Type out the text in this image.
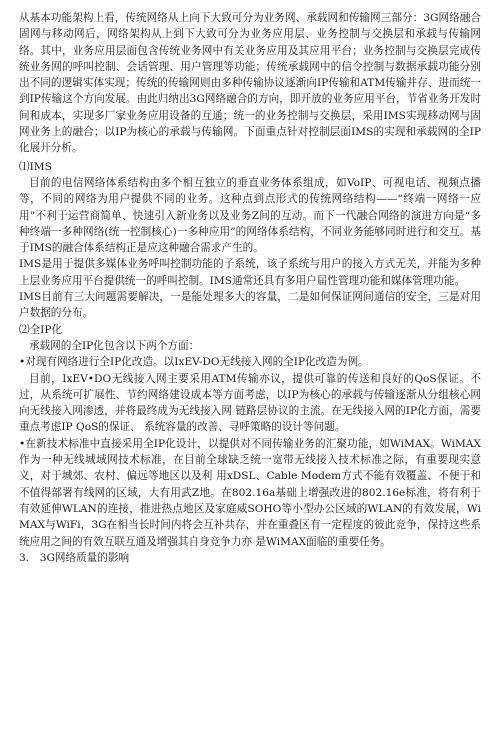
从基本功能架构上看，传统网络从上向下大致可分为业务网、承载网和传输网三部分：3G网络融合固网与移动网后，网络架构从上到下大致可分为业务应用层、业务控制与交换层和承载与传输网络。其中，业务应用层面包含传统业务网中有关业务应用及其应用平台；业务控制与交换层完成传统业务网的呼叫控制、会话管理、用户管理等功能；传统承载网中的信令控制与数据承载功能分别出不同的逻辑实体实现；传统的传输网则由多种传输协议逐渐向IP传输和ATM传输并存、进而统一到IP传输这个方向发展。由此归纳出3G网络融合的方向，即开放的业务应用平台，节省业务开发时间和成本，实现多厂家业务应用设备的互通；统一的业务控制与交换层，采用IMS实现移动网与固网业务上的融合；以IP为核心的承载与传输网。下面重点针对控制层面IMS的实现和承载网的全IP化展开分析。

⑴IMS

目前的电信网络体系结构由多个相互独立的垂直业务体系组成，如VoIP、可视电话、视频点播等，不同的网络为用户提供不同的业务。这种点到点形式的传统网络结构——“终端一网络一应用”不利于运营商简单、快速引入新业务以及业务Z间的互动。而下一代融合网络的演进方向是“多种终端一多种网络(统一控制核心)一多种应用”的网络体系结构，不同业务能够同时进行和交互。基于IMS的融合体系结构正是应这种融合需求产生的。

IMS是用于提供多媒体业务呼叫控制功能的子系统，该子系统与用户的接入方式无关，并能为多种上层业务应用平台提供统一的呼叫控制。IMS通常还具有多用户届性管理功能和媒体管理功能。

IMS目前有三大问题需要解决，一是能处理多大的容量，二是如何保证网间通信的安全，三是对用户数据的分布。

⑵全IP化

承载网的全IP化包含以下两个方面：

•对现有网络进行全IP化改造。以IxEV-DO无线接入网的全IP化改造为例。

目前，IxEV•DO无线接入网主要采用ATM传输亦议，提供可靠的传送和良好的QoS保证。不过，从系统可扩展性、节约网络建设成本等方面考虑，以IP为核心的承载与传输逐渐从分组核心网向无线接入网渗透，并将最终成为无线接入网 链路层协议的主流。在无线接入网的IP化方面，需要重点考虑IP QoS的保证、 系统容量的改善、寻呼策略的设计等问题。

•在新技术标准中直接采用全IP化设计，以提供对不同传输业务的汇聚功能，如WiMAX。WiMAX作为一种无线城域网技术标准，在目前全球缺乏统一宽带无线接入技术标准之际，有重要现实意义，对于城郊、农村、偏远等地区以及利 用xDSL、Cable Modem方式不能有效覆盖、不便于和不值得部署有线网的区域，大有用武Z地。在802.16a基础上增强改进的802.16e标准，将有利于有效延伸WLAN的连接，推进热点地区及家庭威SOHO等小型办公区域的WLAN的有效发展，WiMAX与WiFi，3G在相当长时间内将会互补共存，并在重叠区有一定程度的彼此竞争，保持这些系统应用之间的有效互联互通及增强其自身竞争力亦 是WiMAX面临的重要任务。

3.　3G网络质量的影响
